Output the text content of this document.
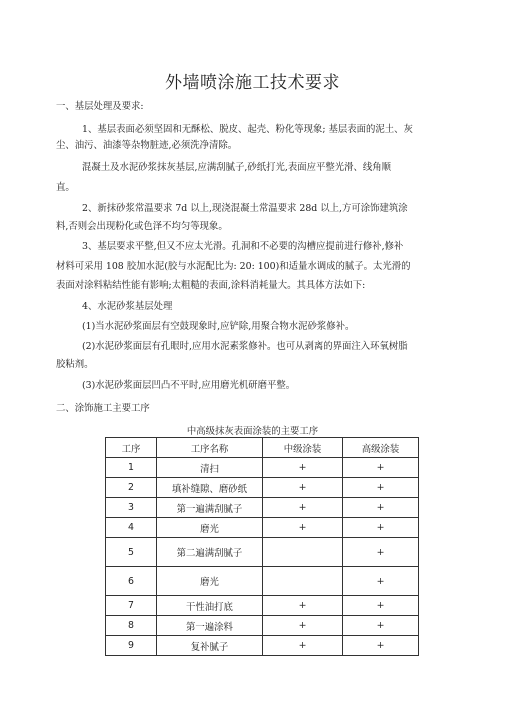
外墙喷涂施工技术要求
一、基层处理及要求:
1、基层表面必须坚固和无酥松、脱皮、起壳、粉化等现象; 基层表面的泥土、灰
尘、油污、油漆等杂物脏迹,必须洗净清除。
混凝土及水泥砂浆抹灰基层,应满刮腻子,砂纸打光,表面应平整光滑、线角顺
直。
2、新抹砂浆常温要求 7d 以上,现浇混凝土常温要求 28d 以上,方可涂饰建筑涂
料,否则会出现粉化或色泽不均匀等现象。
3、基层要求平整,但又不应太光滑。孔洞和不必要的沟槽应提前进行修补,修补
材料可采用 108 胶加水泥(胶与水泥配比为: 20: 100)和适量水调成的腻子。太光滑的
表面对涂料粘结性能有影响;太粗糙的表面,涂料消耗量大。其具体方法如下:
4、水泥砂浆基层处理
(1)当水泥砂浆面层有空鼓现象时,应铲除,用聚合物水泥砂浆修补。
(2)水泥砂浆面层有孔眼时,应用水泥素浆修补。也可从剥离的界面注入环氧树脂
胶粘剂。
(3)水泥砂浆面层凹凸不平时,应用磨光机研磨平整。
二、涂饰施工主要工序
中高级抹灰表面涂装的主要工序
工序	工序名称	中级涂装	高级涂装
1	清扫	+	+
2	填补缝隙、磨砂纸	+	+
3	第一遍满刮腻子	+	+
4	磨光	+	+
5	第二遍满刮腻子		+
6	磨光		+
7	干性油打底	+	+
8	第一遍涂料	+	+
9	复补腻子	+	+
